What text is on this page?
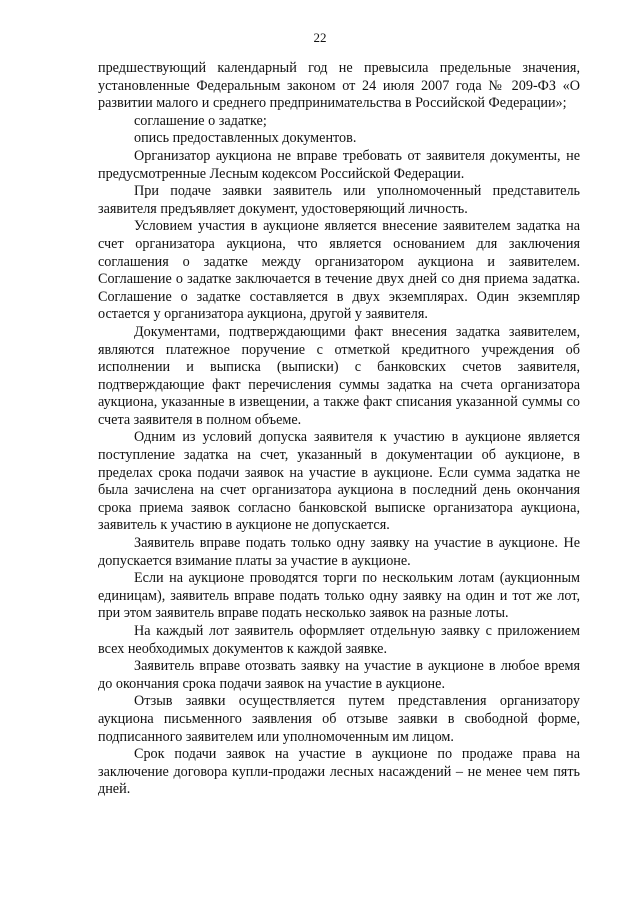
22

предшествующий календарный год не превысила предельные значения, установленные Федеральным законом от 24 июля 2007 года № 209-ФЗ «О развитии малого и среднего предпринимательства в Российской Федерации»;

соглашение о задатке;

опись предоставленных документов.

Организатор аукциона не вправе требовать от заявителя документы, не предусмотренные Лесным кодексом Российской Федерации.

При подаче заявки заявитель или уполномоченный представитель заявителя предъявляет документ, удостоверяющий личность.

Условием участия в аукционе является внесение заявителем задатка на счет организатора аукциона, что является основанием для заключения соглашения о задатке между организатором аукциона и заявителем. Соглашение о задатке заключается в течение двух дней со дня приема задатка. Соглашение о задатке составляется в двух экземплярах. Один экземпляр остается у организатора аукциона, другой у заявителя.

Документами, подтверждающими факт внесения задатка заявителем, являются платежное поручение с отметкой кредитного учреждения об исполнении и выписка (выписки) с банковских счетов заявителя, подтверждающие факт перечисления суммы задатка на счета организатора аукциона, указанные в извещении, а также факт списания указанной суммы со счета заявителя в полном объеме.

Одним из условий допуска заявителя к участию в аукционе является поступление задатка на счет, указанный в документации об аукционе, в пределах срока подачи заявок на участие в аукционе. Если сумма задатка не была зачислена на счет организатора аукциона в последний день окончания срока приема заявок согласно банковской выписке организатора аукциона, заявитель к участию в аукционе не допускается.

Заявитель вправе подать только одну заявку на участие в аукционе. Не допускается взимание платы за участие в аукционе.

Если на аукционе проводятся торги по нескольким лотам (аукционным единицам), заявитель вправе подать только одну заявку на один и тот же лот, при этом заявитель вправе подать несколько заявок на разные лоты.

На каждый лот заявитель оформляет отдельную заявку с приложением всех необходимых документов к каждой заявке.

Заявитель вправе отозвать заявку на участие в аукционе в любое время до окончания срока подачи заявок на участие в аукционе.

Отзыв заявки осуществляется путем представления организатору аукциона письменного заявления об отзыве заявки в свободной форме, подписанного заявителем или уполномоченным им лицом.

Срок подачи заявок на участие в аукционе по продаже права на заключение договора купли-продажи лесных насаждений – не менее чем пять дней.
